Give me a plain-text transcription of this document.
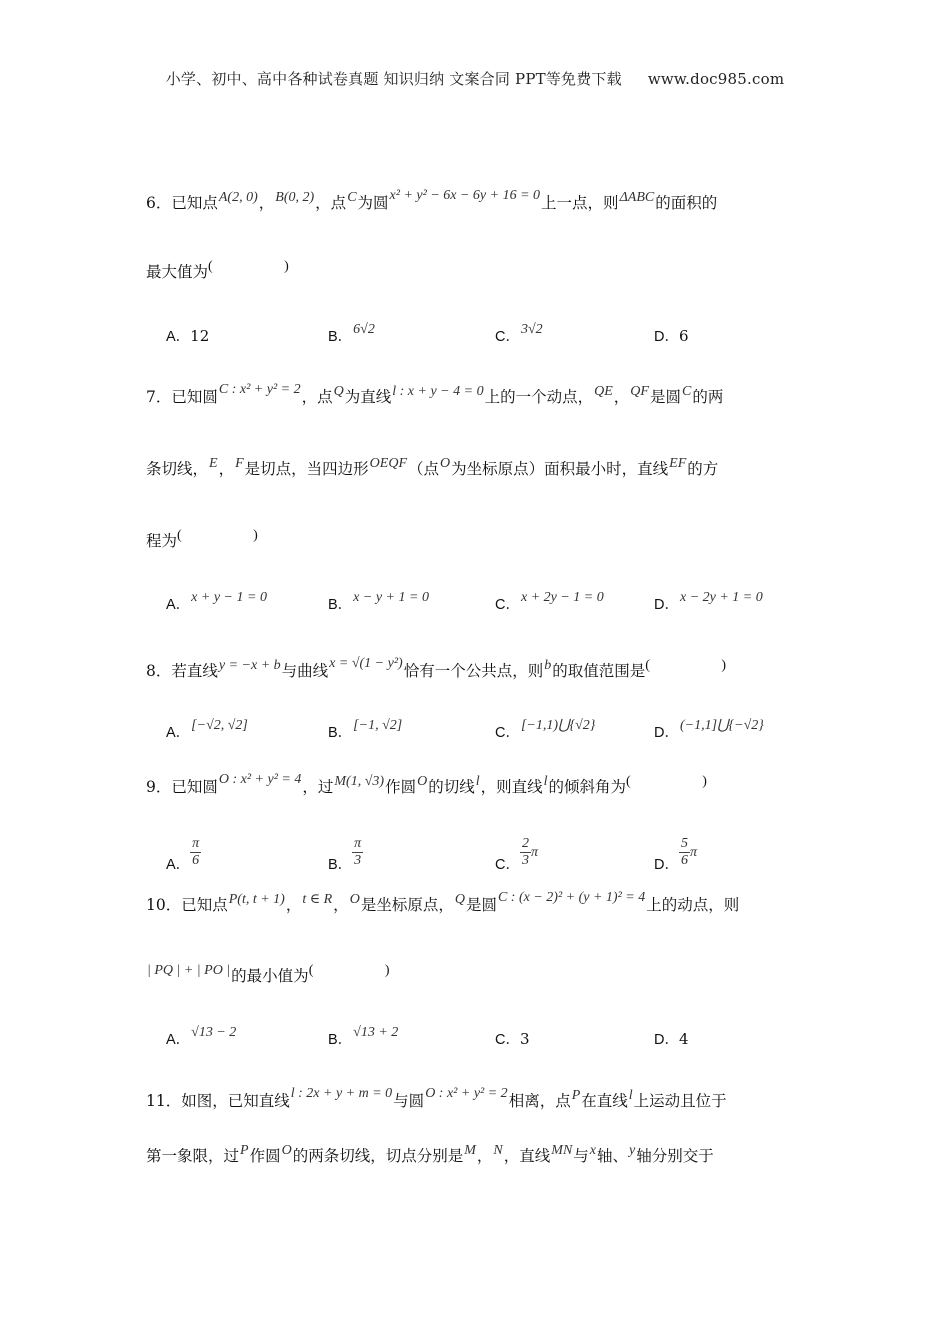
小学、初中、高中各种试卷真题 知识归纳 文案合同 PPT等免费下载 www.doc985.com
6．已知点A(2, 0)，B(0, 2)，点C为圆x² + y² − 6x − 6y + 16 = 0上一点，则ΔABC的面积的
最大值为( )
A．12	B．6√2	C．3√2	D．6
7．已知圆C : x² + y² = 2，点Q为直线l : x + y − 4 = 0上的一个动点，QE，QF是圆C的两
条切线，E，F是切点，当四边形OEQF（点O为坐标原点）面积最小时，直线EF的方
程为( )
A．x + y − 1 = 0	B．x − y + 1 = 0	C．x + 2y − 1 = 0	D．x − 2y + 1 = 0
8．若直线y = −x + b与曲线x = √(1 − y²)恰有一个公共点，则b的取值范围是( )
A．[−√2, √2]	B．[−1, √2]	C．[−1,1)⋃{√2}	D．(−1,1]⋃{−√2}
9．已知圆O : x² + y² = 4，过M(1, √3)作圆O的切线l，则直线l的倾斜角为( )
A． $\frac{\pi}{6}$	B． $\frac{\pi}{3}$	C． $\frac{2}{3}$ π
D． $\frac{5}{6}$ π
10．已知点P(t, t + 1)，t ∈ R，O是坐标原点，Q是圆C : (x − 2)² + (y + 1)² = 4上的动点，则
| PQ | + | PO |的最小值为( )
A．√13 − 2	B．√13 + 2	C．3	D．4
11．如图，已知直线l : 2x + y + m = 0与圆O : x² + y² = 2相离，点P在直线l上运动且位于
第一象限，过P作圆O的两条切线，切点分别是M，N，直线MN与x轴、y轴分别交于
